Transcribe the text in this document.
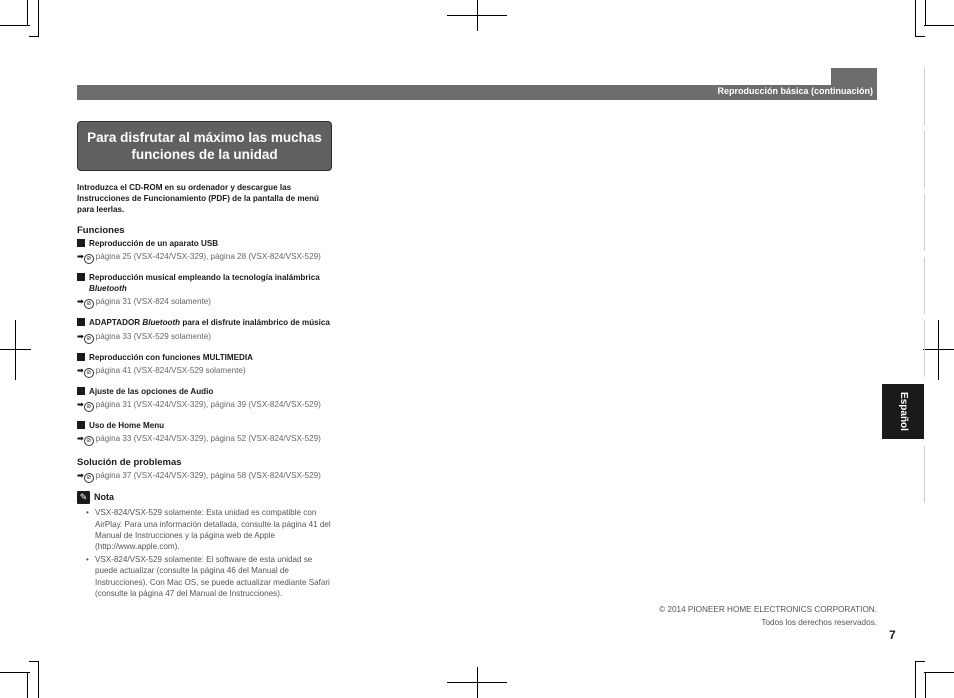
Reproducción básica (continuación)
Para disfrutar al máximo las muchas
funciones de la unidad

Introduzca el CD-ROM en su ordenador y descargue las Instrucciones de Funcionamiento (PDF) de la pantalla de menú para leerlas.

Funciones
Reproducción de un aparato USB
➡ ⊘ página 25 (VSX-424/VSX-329), página 28 (VSX-824/VSX-529)
Reproducción musical empleando la tecnología inalámbrica Bluetooth
➡ ⊘ página 31 (VSX-824 solamente)
ADAPTADOR Bluetooth para el disfrute inalámbrico de música
➡ ⊘ página 33 (VSX-529 solamente)
Reproducción con funciones MULTIMEDIA
➡ ⊘ página 41 (VSX-824/VSX-529 solamente)
Ajuste de las opciones de Audio
➡ ⊘ página 31 (VSX-424/VSX-329), página 39 (VSX-824/VSX-529)
Uso de Home Menu
➡ ⊘ página 33 (VSX-424/VSX-329), página 52 (VSX-824/VSX-529)
Solución de problemas
➡ ⊘ página 37 (VSX-424/VSX-329), página 58 (VSX-824/VSX-529)
✎ Nota
• VSX-824/VSX-529 solamente: Esta unidad es compatible con AirPlay. Para una información detallada, consulte la página 41 del Manual de Instrucciones y la página web de Apple (http://www.apple.com).
• VSX-824/VSX-529 solamente: El software de esta unidad se puede actualizar (consulte la página 46 del Manual de Instrucciones). Con Mac OS, se puede actualizar mediante Safari (consulte la página 47 del Manual de Instrucciones).
Español
© 2014 PIONEER HOME ELECTRONICS CORPORATION.
Todos los derechos reservados.
7
